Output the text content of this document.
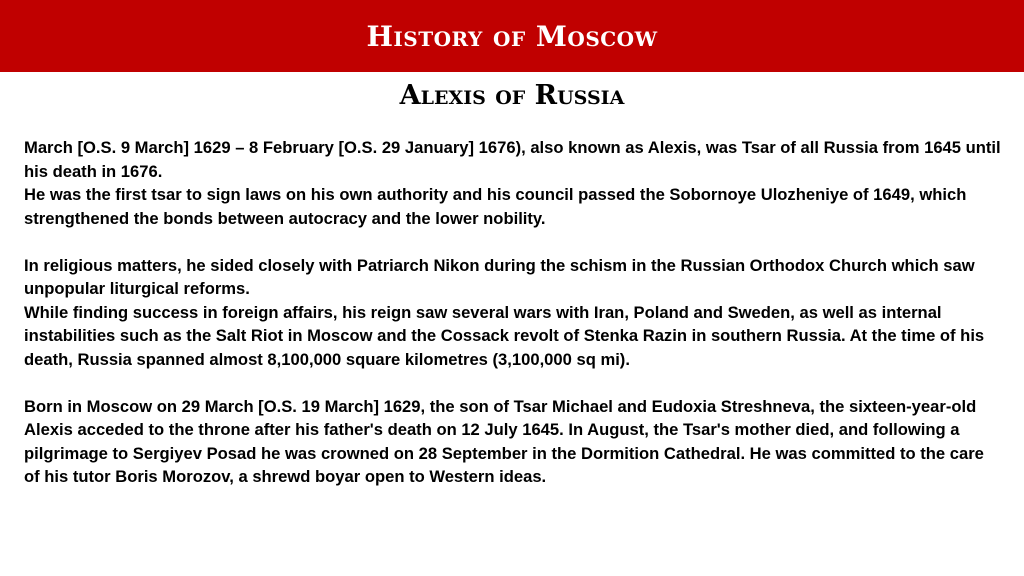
History of Moscow
Alexis of Russia

March [O.S. 9 March] 1629 – 8 February [O.S. 29 January] 1676), also known as Alexis, was Tsar of all Russia from 1645 until his death in 1676.

He was the first tsar to sign laws on his own authority and his council passed the Sobornoye Ulozheniye of 1649, which strengthened the bonds between autocracy and the lower nobility.

In religious matters, he sided closely with Patriarch Nikon during the schism in the Russian Orthodox Church which saw unpopular liturgical reforms.

While finding success in foreign affairs, his reign saw several wars with Iran, Poland and Sweden, as well as internal instabilities such as the Salt Riot in Moscow and the Cossack revolt of Stenka Razin in southern Russia. At the time of his death, Russia spanned almost 8,100,000 square kilometres (3,100,000 sq mi).

Born in Moscow on 29 March [O.S. 19 March] 1629, the son of Tsar Michael and Eudoxia Streshneva, the sixteen-year-old Alexis acceded to the throne after his father's death on 12 July 1645. In August, the Tsar's mother died, and following a pilgrimage to Sergiyev Posad he was crowned on 28 September in the Dormition Cathedral. He was committed to the care of his tutor Boris Morozov, a shrewd boyar open to Western ideas.
